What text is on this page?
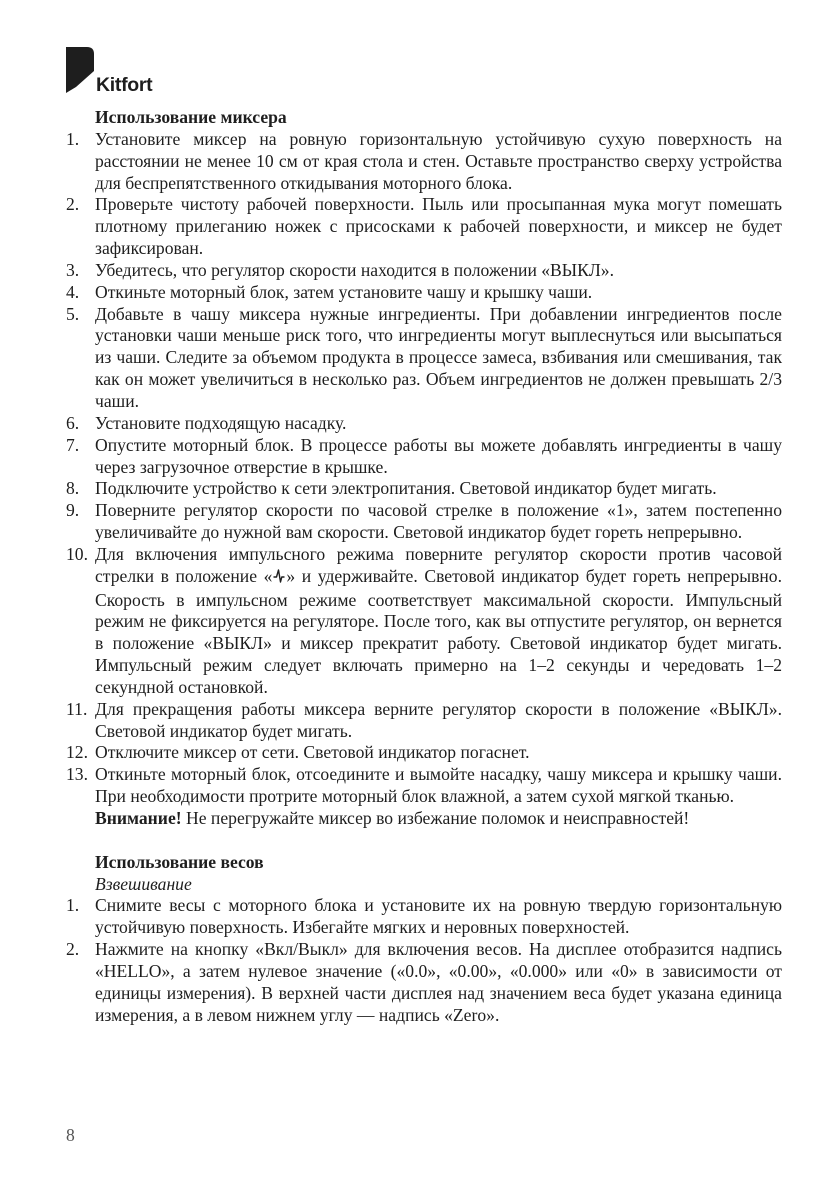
Kitfort
Использование миксера
1. Установите миксер на ровную горизонтальную устойчивую сухую поверхность на расстоянии не менее 10 см от края стола и стен. Оставьте пространство сверху устройства для беспрепятственного откидывания моторного блока.
2. Проверьте чистоту рабочей поверхности. Пыль или просыпанная мука могут помешать плотному прилеганию ножек с присосками к рабочей поверхности, и миксер не будет зафиксирован.
3. Убедитесь, что регулятор скорости находится в положении «ВЫКЛ».
4. Откиньте моторный блок, затем установите чашу и крышку чаши.
5. Добавьте в чашу миксера нужные ингредиенты. При добавлении ингредиентов после установки чаши меньше риск того, что ингредиенты могут выплеснуться или высыпаться из чаши. Следите за объемом продукта в процессе замеса, взбивания или смешивания, так как он может увеличиться в несколько раз. Объем ингредиентов не должен превышать 2/3 чаши.
6. Установите подходящую насадку.
7. Опустите моторный блок. В процессе работы вы можете добавлять ингредиенты в чашу через загрузочное отверстие в крышке.
8. Подключите устройство к сети электропитания. Световой индикатор будет мигать.
9. Поверните регулятор скорости по часовой стрелке в положение «1», затем постепенно увеличивайте до нужной вам скорости. Световой индикатор будет гореть непрерывно.
10. Для включения импульсного режима поверните регулятор скорости против часовой стрелки в положение « » и удерживайте. Световой индикатор будет гореть непрерывно. Скорость в импульсном режиме соответствует максимальной скорости. Импульсный режим не фиксируется на регуляторе. После того, как вы отпустите регулятор, он вернется в положение «ВЫКЛ» и миксер прекратит работу. Световой индикатор будет мигать. Импульсный режим следует включать примерно на 1–2 секунды и чередовать 1–2 секундной остановкой.
11. Для прекращения работы миксера верните регулятор скорости в положение «ВЫКЛ». Световой индикатор будет мигать.
12. Отключите миксер от сети. Световой индикатор погаснет.
13. Откиньте моторный блок, отсоедините и вымойте насадку, чашу миксера и крышку чаши. При необходимости протрите моторный блок влажной, а затем сухой мягкой тканью.
Внимание! Не перегружайте миксер во избежание поломок и неисправностей!
Использование весов
Взвешивание
1. Снимите весы с моторного блока и установите их на ровную твердую горизонтальную устойчивую поверхность. Избегайте мягких и неровных поверхностей.
2. Нажмите на кнопку «Вкл/Выкл» для включения весов. На дисплее отобразится надпись «HELLO», а затем нулевое значение («0.0», «0.00», «0.000» или «0» в зависимости от единицы измерения). В верхней части дисплея над значением веса будет указана единица измерения, а в левом нижнем углу — надпись «Zero».
8
